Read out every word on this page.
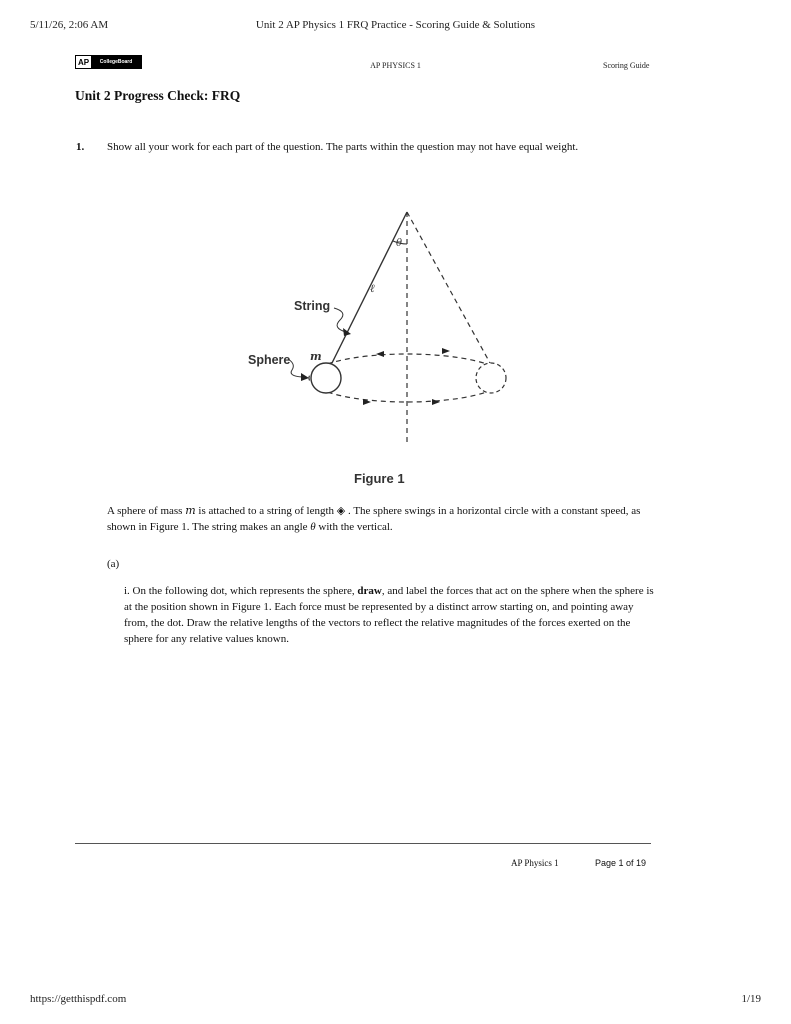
5/11/26, 2:06 AM	Unit 2 AP Physics 1 FRQ Practice - Scoring Guide & Solutions
AP	CollegeBoard	AP PHYSICS 1	Scoring Guide
Unit 2 Progress Check: FRQ
1. Show all your work for each part of the question. The parts within the question may not have equal weight.
String
Sphere m
ℓ
θ
Figure 1
A sphere of mass m is attached to a string of length ◈ . The sphere swings in a horizontal circle with a constant speed, as shown in Figure 1. The string makes an angle θ with the vertical.
(a)
i. On the following dot, which represents the sphere, draw, and label the forces that act on the sphere when the sphere is at the position shown in Figure 1. Each force must be represented by a distinct arrow starting on, and pointing away from, the dot. Draw the relative lengths of the vectors to reflect the relative magnitudes of the forces exerted on the sphere for any relative values known.
AP Physics 1	Page 1 of 19
https://getthispdf.com	1/19
